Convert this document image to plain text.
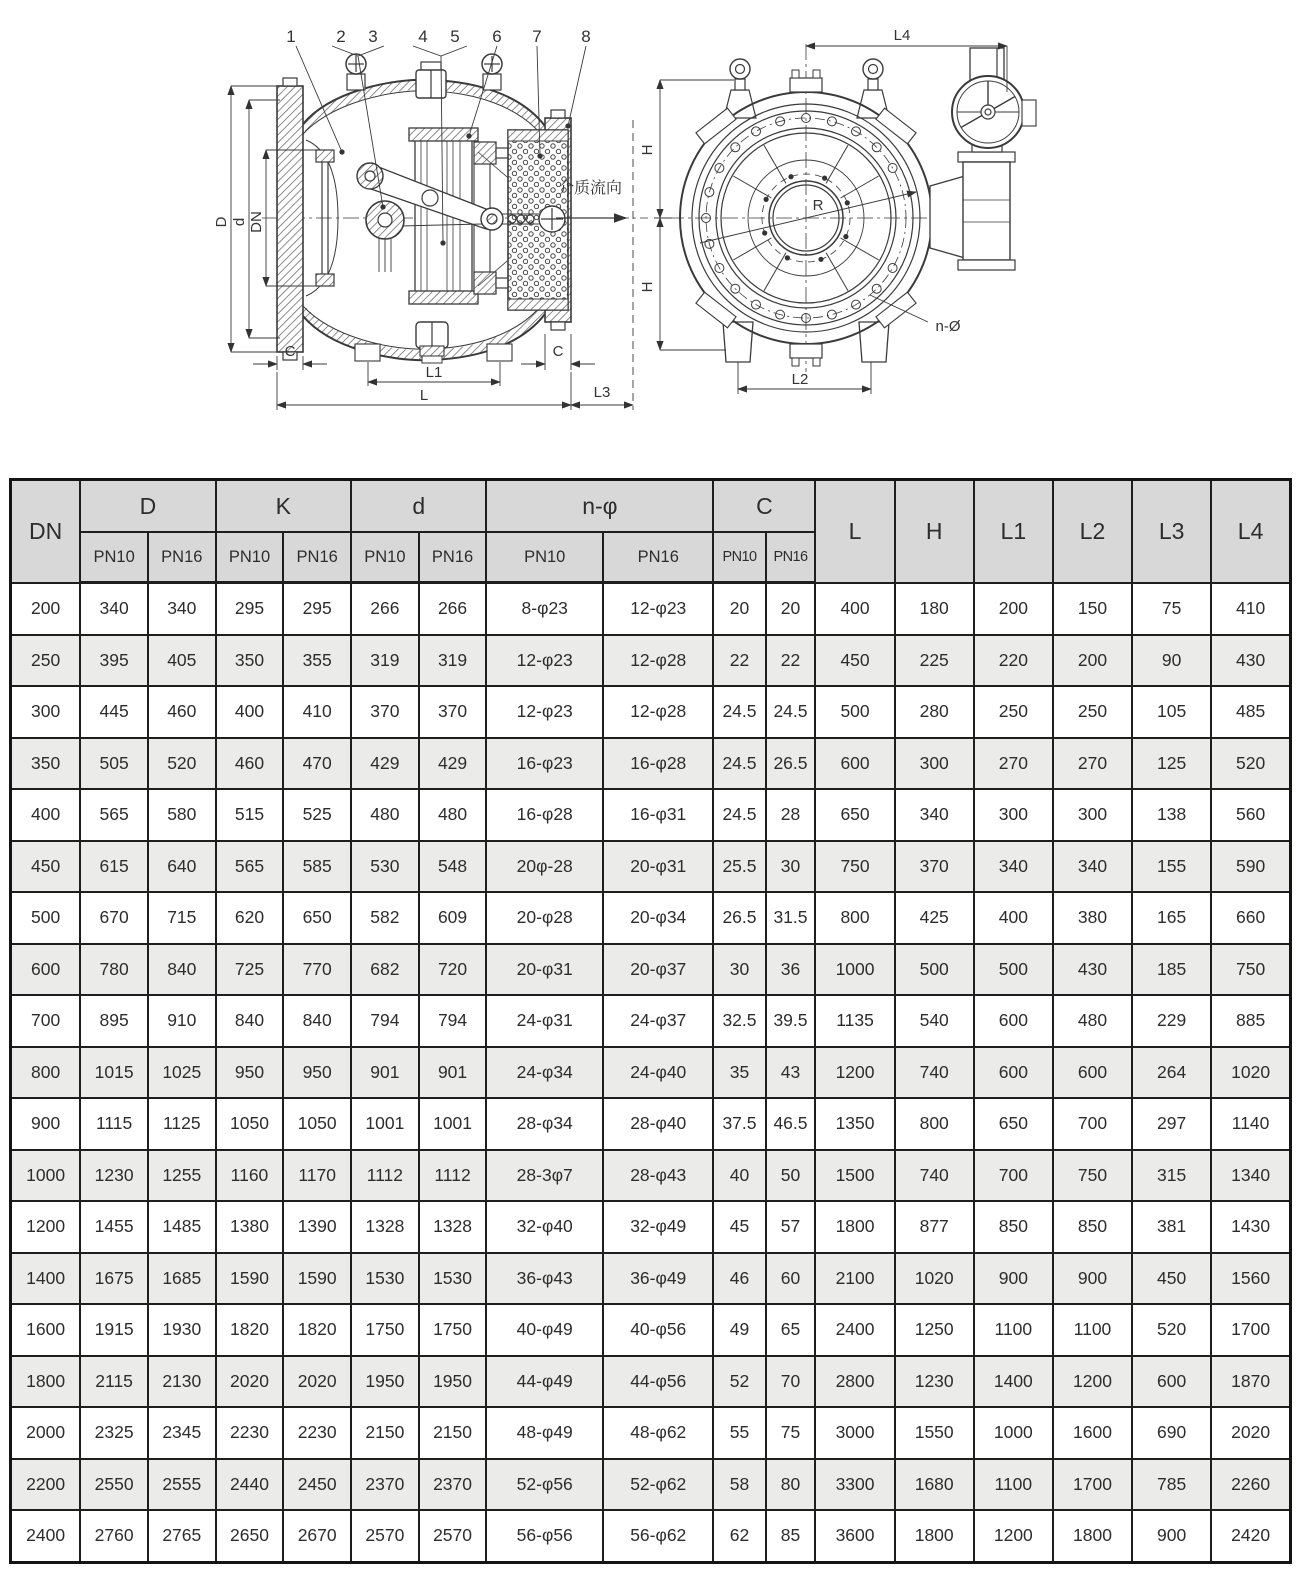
1 2 3 4 5 6 7 8
D d DN
C	C
L1
L	L3
介质流向
L4
H
H
L2
R
n-Ø
DN	D		K		d		n-φ		C		L	H	L1	L2	L3	L4
	PN10	PN16	PN10	PN16	PN10	PN16	PN10	PN16	PN10	PN16						
200	340	340	295	295	266	266	8-φ23	12-φ23	20	20	400	180	200	150	75	410
250	395	405	350	355	319	319	12-φ23	12-φ28	22	22	450	225	220	200	90	430
300	445	460	400	410	370	370	12-φ23	12-φ28	24.5	24.5	500	280	250	250	105	485
350	505	520	460	470	429	429	16-φ23	16-φ28	24.5	26.5	600	300	270	270	125	520
400	565	580	515	525	480	480	16-φ28	16-φ31	24.5	28	650	340	300	300	138	560
450	615	640	565	585	530	548	20φ-28	20-φ31	25.5	30	750	370	340	340	155	590
500	670	715	620	650	582	609	20-φ28	20-φ34	26.5	31.5	800	425	400	380	165	660
600	780	840	725	770	682	720	20-φ31	20-φ37	30	36	1000	500	500	430	185	750
700	895	910	840	840	794	794	24-φ31	24-φ37	32.5	39.5	1135	540	600	480	229	885
800	1015	1025	950	950	901	901	24-φ34	24-φ40	35	43	1200	740	600	600	264	1020
900	1115	1125	1050	1050	1001	1001	28-φ34	28-φ40	37.5	46.5	1350	800	650	700	297	1140
1000	1230	1255	1160	1170	1112	1112	28-3φ7	28-φ43	40	50	1500	740	700	750	315	1340
1200	1455	1485	1380	1390	1328	1328	32-φ40	32-φ49	45	57	1800	877	850	850	381	1430
1400	1675	1685	1590	1590	1530	1530	36-φ43	36-φ49	46	60	2100	1020	900	900	450	1560
1600	1915	1930	1820	1820	1750	1750	40-φ49	40-φ56	49	65	2400	1250	1100	1100	520	1700
1800	2115	2130	2020	2020	1950	1950	44-φ49	44-φ56	52	70	2800	1230	1400	1200	600	1870
2000	2325	2345	2230	2230	2150	2150	48-φ49	48-φ62	55	75	3000	1550	1000	1600	690	2020
2200	2550	2555	2440	2450	2370	2370	52-φ56	52-φ62	58	80	3300	1680	1100	1700	785	2260
2400	2760	2765	2650	2670	2570	2570	56-φ56	56-φ62	62	85	3600	1800	1200	1800	900	2420
